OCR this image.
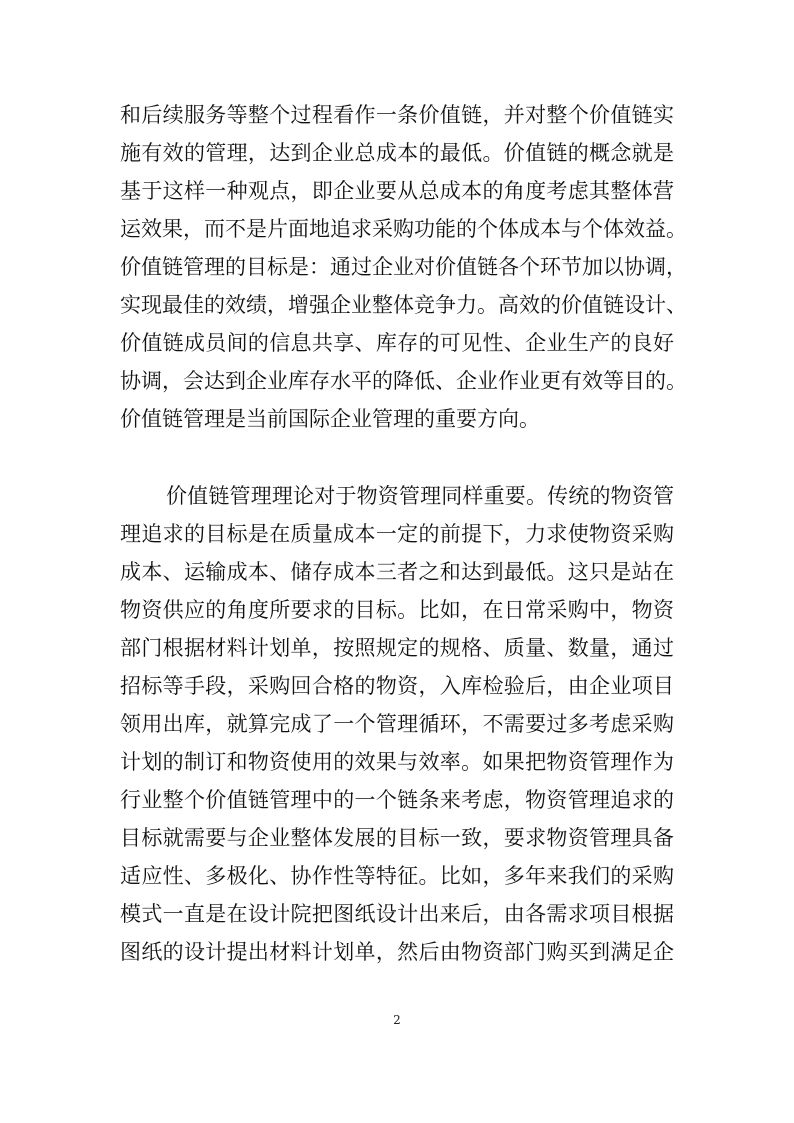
和后续服务等整个过程看作一条价值链，并对整个价值链实
施有效的管理，达到企业总成本的最低。价值链的概念就是
基于这样一种观点，即企业要从总成本的角度考虑其整体营
运效果，而不是片面地追求采购功能的个体成本与个体效益。
价值链管理的目标是：通过企业对价值链各个环节加以协调，
实现最佳的效绩，增强企业整体竞争力。高效的价值链设计、
价值链成员间的信息共享、库存的可见性、企业生产的良好
协调，会达到企业库存水平的降低、企业作业更有效等目的。
价值链管理是当前国际企业管理的重要方向。
价值链管理理论对于物资管理同样重要。传统的物资管
理追求的目标是在质量成本一定的前提下，力求使物资采购
成本、运输成本、储存成本三者之和达到最低。这只是站在
物资供应的角度所要求的目标。比如，在日常采购中，物资
部门根据材料计划单，按照规定的规格、质量、数量，通过
招标等手段，采购回合格的物资，入库检验后，由企业项目
领用出库，就算完成了一个管理循环，不需要过多考虑采购
计划的制订和物资使用的效果与效率。如果把物资管理作为
行业整个价值链管理中的一个链条来考虑，物资管理追求的
目标就需要与企业整体发展的目标一致，要求物资管理具备
适应性、多极化、协作性等特征。比如，多年来我们的采购
模式一直是在设计院把图纸设计出来后，由各需求项目根据
图纸的设计提出材料计划单，然后由物资部门购买到满足企
2
